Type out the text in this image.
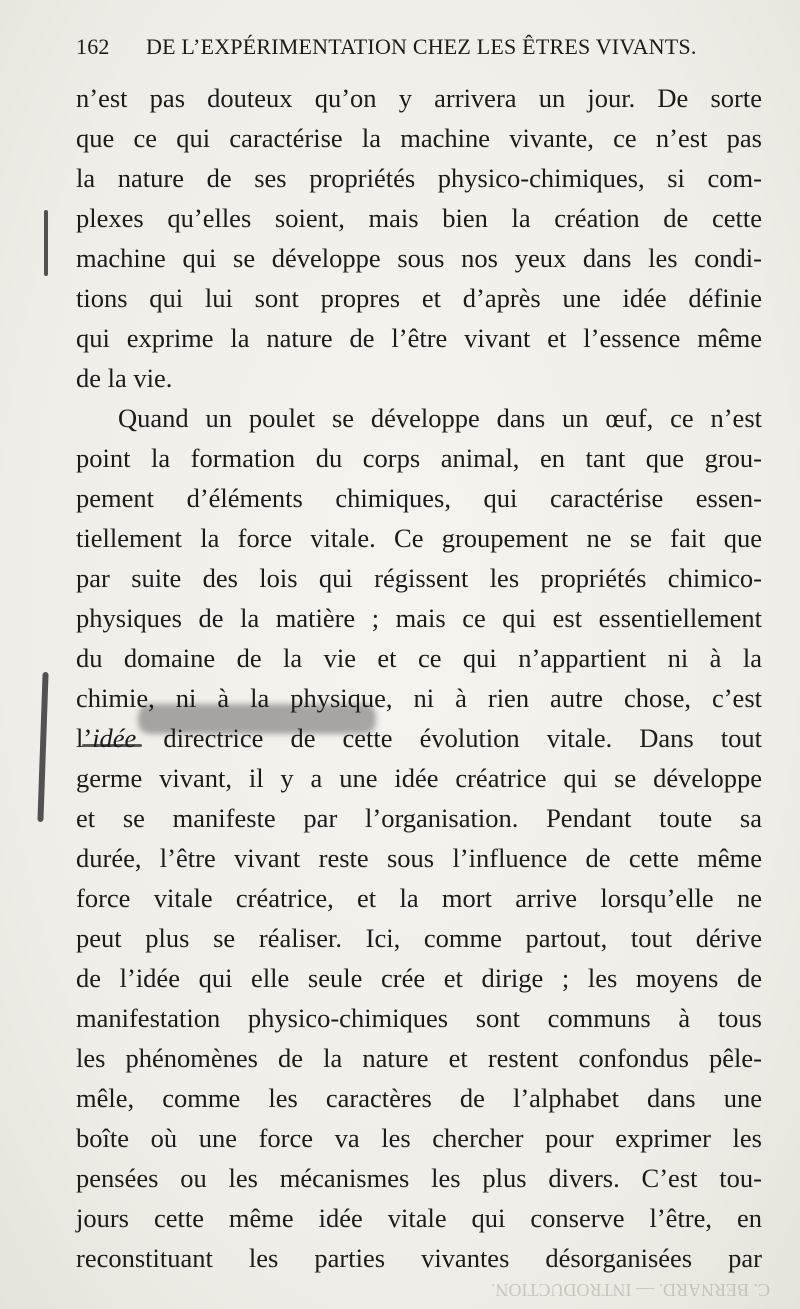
162 DE L’EXPÉRIMENTATION CHEZ LES ÊTRES VIVANTS.
n’est pas douteux qu’on y arrivera un jour. De sorte
que ce qui caractérise la machine vivante, ce n’est pas
la nature de ses propriétés physico-chimiques, si com-
plexes qu’elles soient, mais bien la création de cette
machine qui se développe sous nos yeux dans les condi-
tions qui lui sont propres et d’après une idée définie
qui exprime la nature de l’être vivant et l’essence même
de la vie.
Quand un poulet se développe dans un œuf, ce n’est
point la formation du corps animal, en tant que grou-
pement d’éléments chimiques, qui caractérise essen-
tiellement la force vitale. Ce groupement ne se fait que
par suite des lois qui régissent les propriétés chimico-
physiques de la matière ; mais ce qui est essentiellement
du domaine de la vie et ce qui n’appartient ni à la
chimie, ni à la physique, ni à rien autre chose, c’est
l’idée directrice de cette évolution vitale. Dans tout
germe vivant, il y a une idée créatrice qui se développe
et se manifeste par l’organisation. Pendant toute sa
durée, l’être vivant reste sous l’influence de cette même
force vitale créatrice, et la mort arrive lorsqu’elle ne
peut plus se réaliser. Ici, comme partout, tout dérive
de l’idée qui elle seule crée et dirige ; les moyens de
manifestation physico-chimiques sont communs à tous
les phénomènes de la nature et restent confondus pêle-
mêle, comme les caractères de l’alphabet dans une
boîte où une force va les chercher pour exprimer les
pensées ou les mécanismes les plus divers. C’est tou-
jours cette même idée vitale qui conserve l’être, en
reconstituant les parties vivantes désorganisées par
C. BERNARD. — INTRODUCTION.
